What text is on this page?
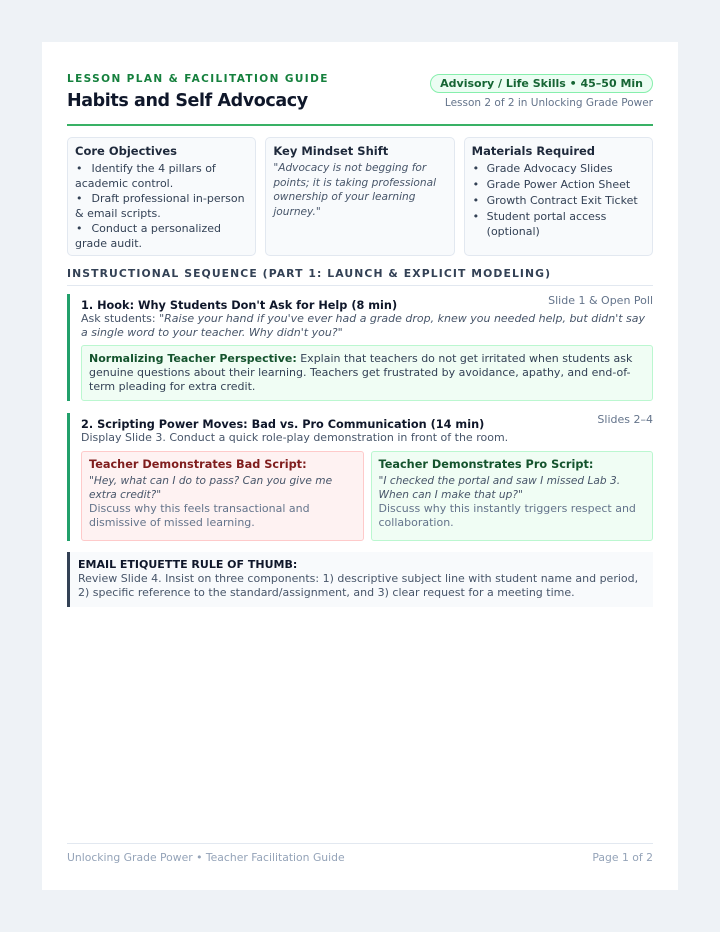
LESSON PLAN & FACILITATION GUIDE
Habits and Self Advocacy
Advisory / Life Skills • 45–50 Min
Lesson 2 of 2 in Unlocking Grade Power
Core Objectives
• Identify the 4 pillars of academic control.
• Draft professional in-person & email scripts.
• Conduct a personalized grade audit.
Key Mindset Shift
"Advocacy is not begging for points; it is taking professional ownership of your learning journey."
Materials Required
• Grade Advocacy Slides
• Grade Power Action Sheet
• Growth Contract Exit Ticket
• Student portal access (optional)
INSTRUCTIONAL SEQUENCE (PART 1: LAUNCH & EXPLICIT MODELING)
1. Hook: Why Students Don't Ask for Help (8 min)	Slide 1 & Open Poll
Ask students: "Raise your hand if you've ever had a grade drop, knew you needed help, but didn't say a single word to your teacher. Why didn't you?"
Normalizing Teacher Perspective: Explain that teachers do not get irritated when students ask genuine questions about their learning. Teachers get frustrated by avoidance, apathy, and end-of-term pleading for extra credit.
2. Scripting Power Moves: Bad vs. Pro Communication (14 min)	Slides 2–4
Display Slide 3. Conduct a quick role-play demonstration in front of the room.
Teacher Demonstrates Bad Script:
"Hey, what can I do to pass? Can you give me extra credit?"
Discuss why this feels transactional and dismissive of missed learning.
Teacher Demonstrates Pro Script:
"I checked the portal and saw I missed Lab 3. When can I make that up?"
Discuss why this instantly triggers respect and collaboration.
EMAIL ETIQUETTE RULE OF THUMB:
Review Slide 4. Insist on three components: 1) descriptive subject line with student name and period, 2) specific reference to the standard/assignment, and 3) clear request for a meeting time.
Unlocking Grade Power • Teacher Facilitation Guide	Page 1 of 2
